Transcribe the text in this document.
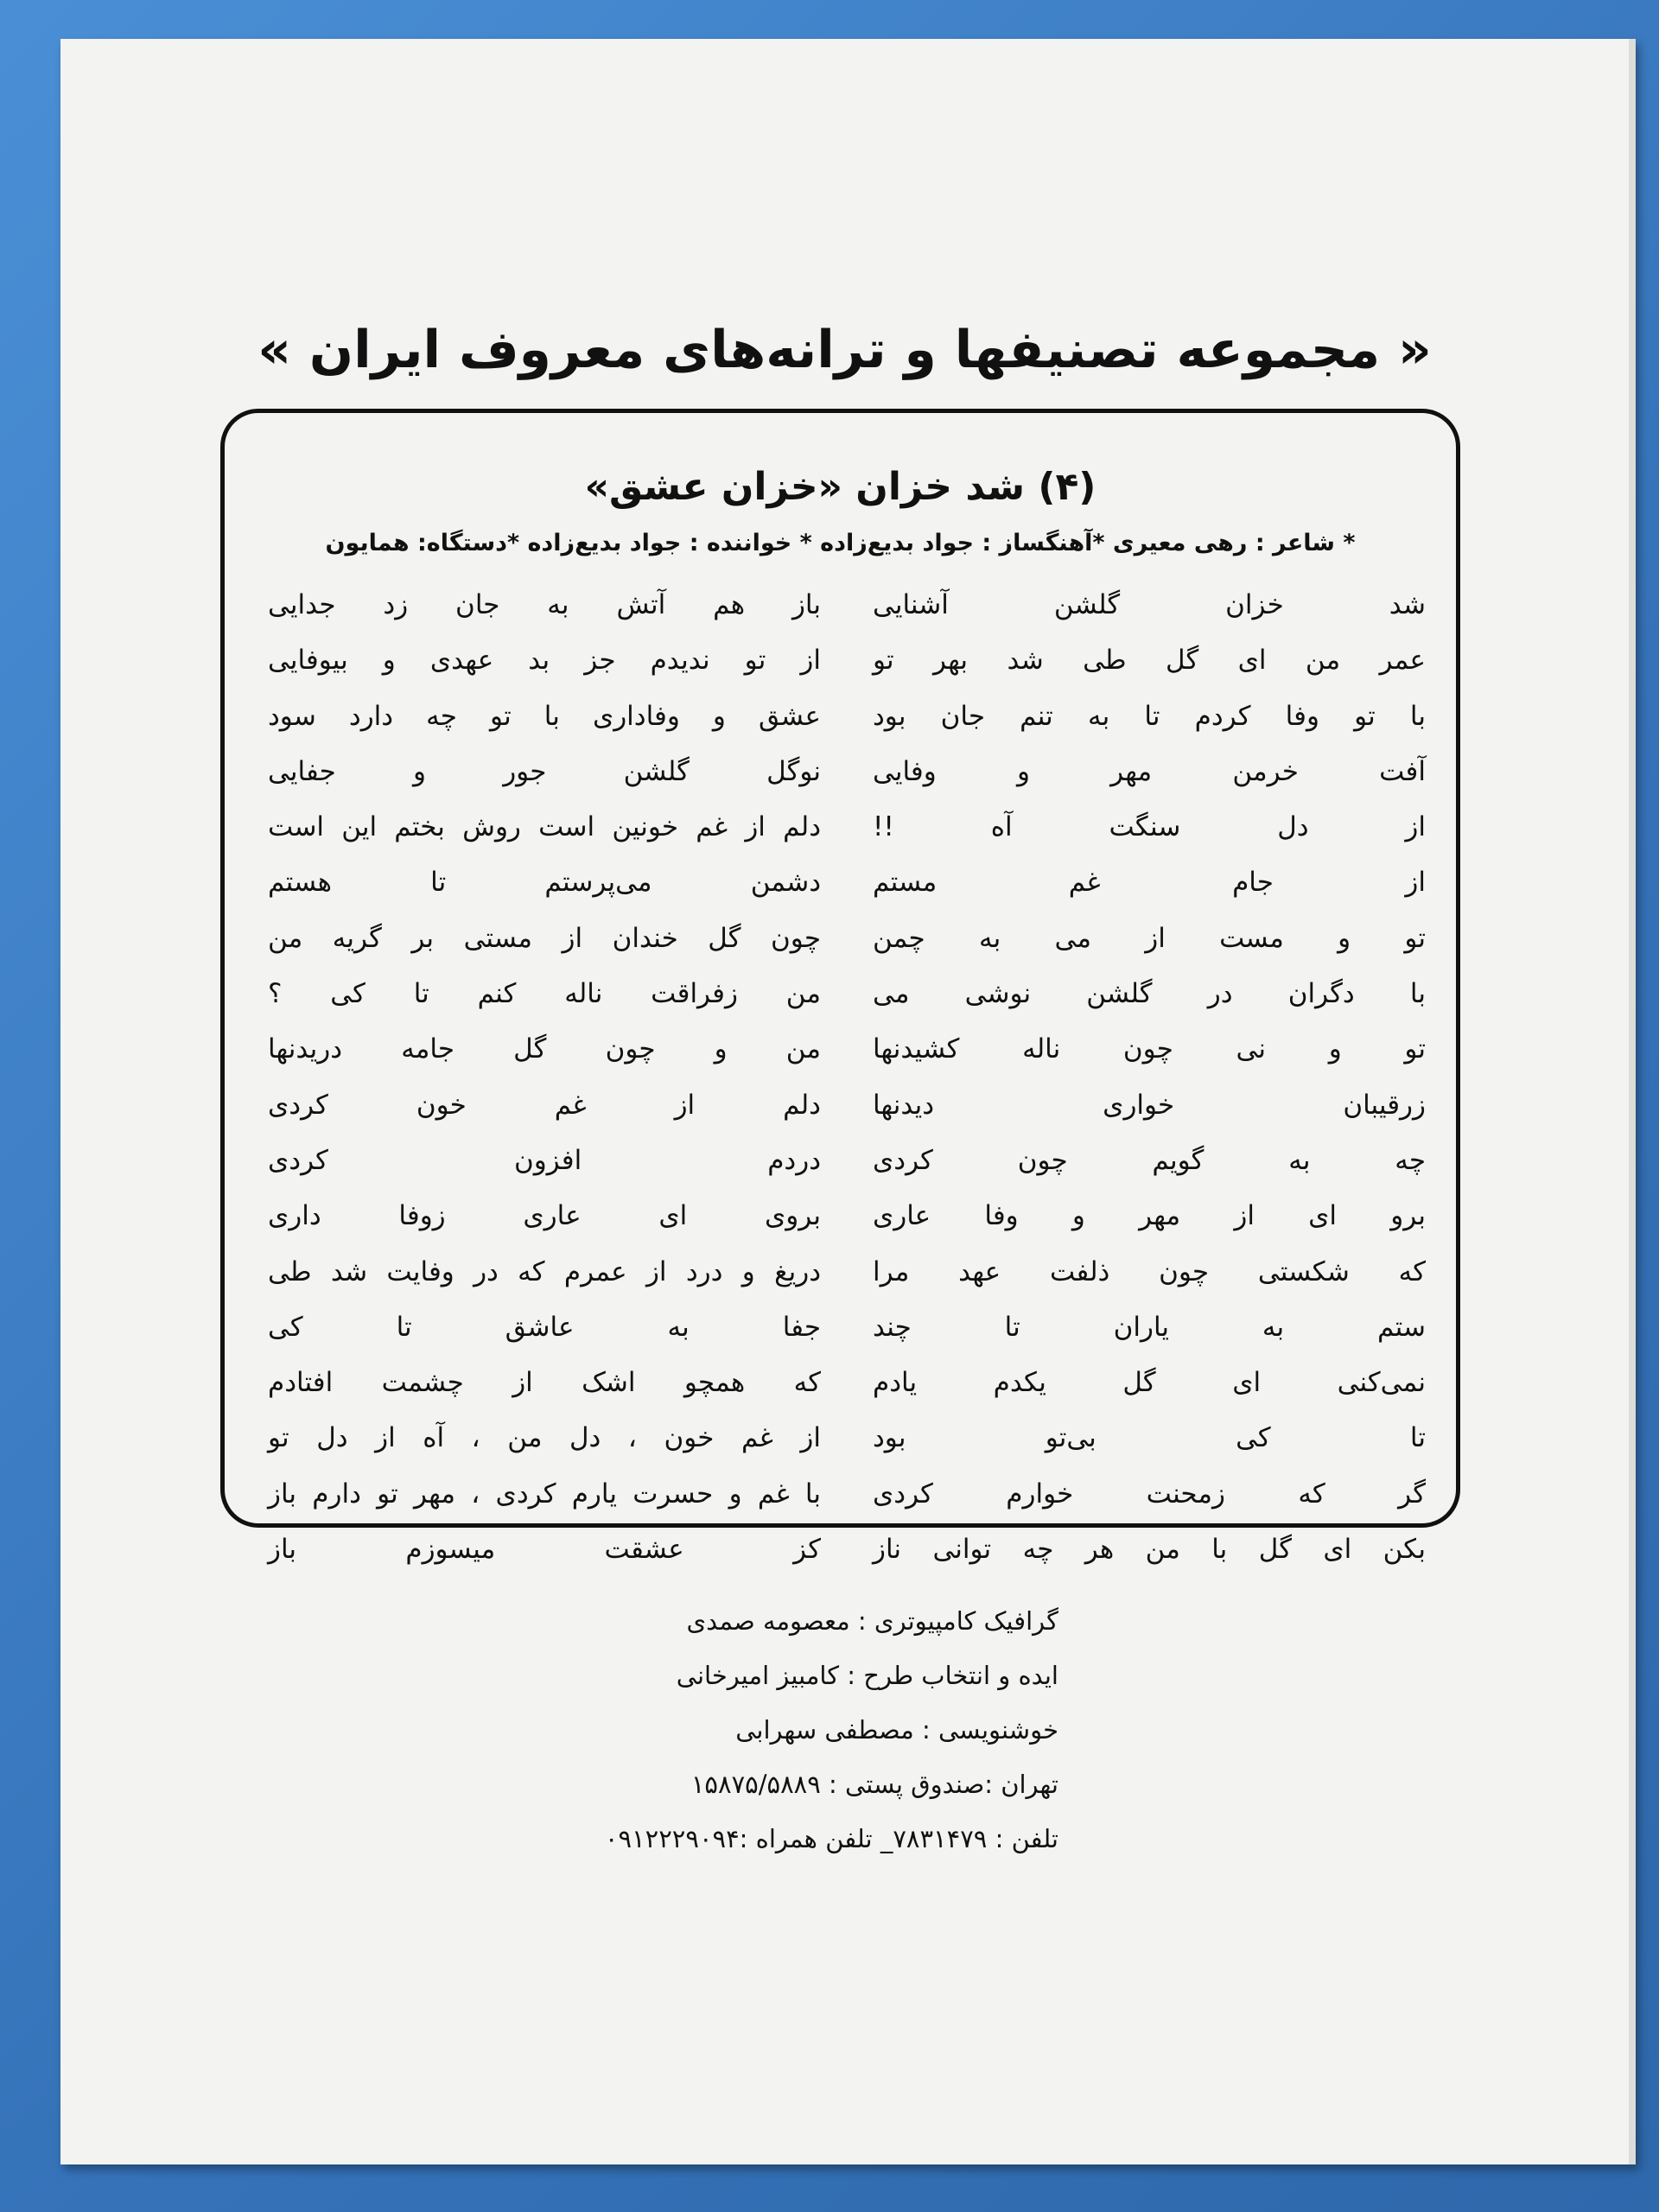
« مجموعه تصنیفها و ترانه‌های معروف ایران »
(۴) شد خزان «خزان عشق»
* شاعر : رهی معیری *آهنگساز : جواد بدیع‌زاده * خواننده : جواد بدیع‌زاده *دستگاه: همایون
شد خزان گلشن آشنایی
عمر من ای گل طی شد بهر تو
با تو وفا کردم تا به تنم جان بود
آفت خرمن مهر و وفایی
از دل سنگت آه !!
از جام غم مستم
تو و مست از می به چمن
با دگران در گلشن نوشی می
تو و نی چون ناله کشیدنها
زرقیبان خواری دیدنها
چه به گویم چون کردی
برو ای از مهر و وفا عاری
که شکستی چون ذلفت عهد مرا
ستم به یاران تا چند
نمی‌کنی ای گل یکدم یادم
تا کی بی‌تو بود
گر که زمحنت خوارم کردی
بکن ای گل با من هر چه توانی ناز
باز هم آتش به جان زد جدایی
از تو ندیدم جز بد عهدی و بیوفایی
عشق و وفاداری با تو چه دارد سود
نوگل گلشن جور و جفایی
دلم از غم خونین است روش بختم این است
دشمن می‌پرستم تا هستم
چون گل خندان از مستی بر گریه من
من زفراقت ناله کنم تا کی ؟
من و چون گل جامه دریدنها
دلم از غم خون کردی
دردم افزون کردی
بروی ای عاری زوفا داری
دریغ و درد از عمرم که در وفایت شد طی
جفا به عاشق تا کی
که همچو اشک از چشمت افتادم
از غم خون ، دل من ، آه از دل تو
با غم و حسرت یارم کردی ، مهر تو دارم باز
کز عشقت میسوزم باز
گرافیک کامپیوتری : معصومه صمدی
ایده و انتخاب طرح : کامبیز امیرخانی
خوشنویسی : مصطفی سهرابی
تهران :صندوق پستی : ۱۵۸۷۵/۵۸۸۹
تلفن : ۷۸۳۱۴۷۹_ تلفن همراه :۰۹۱۲۲۲۹۰۹۴
